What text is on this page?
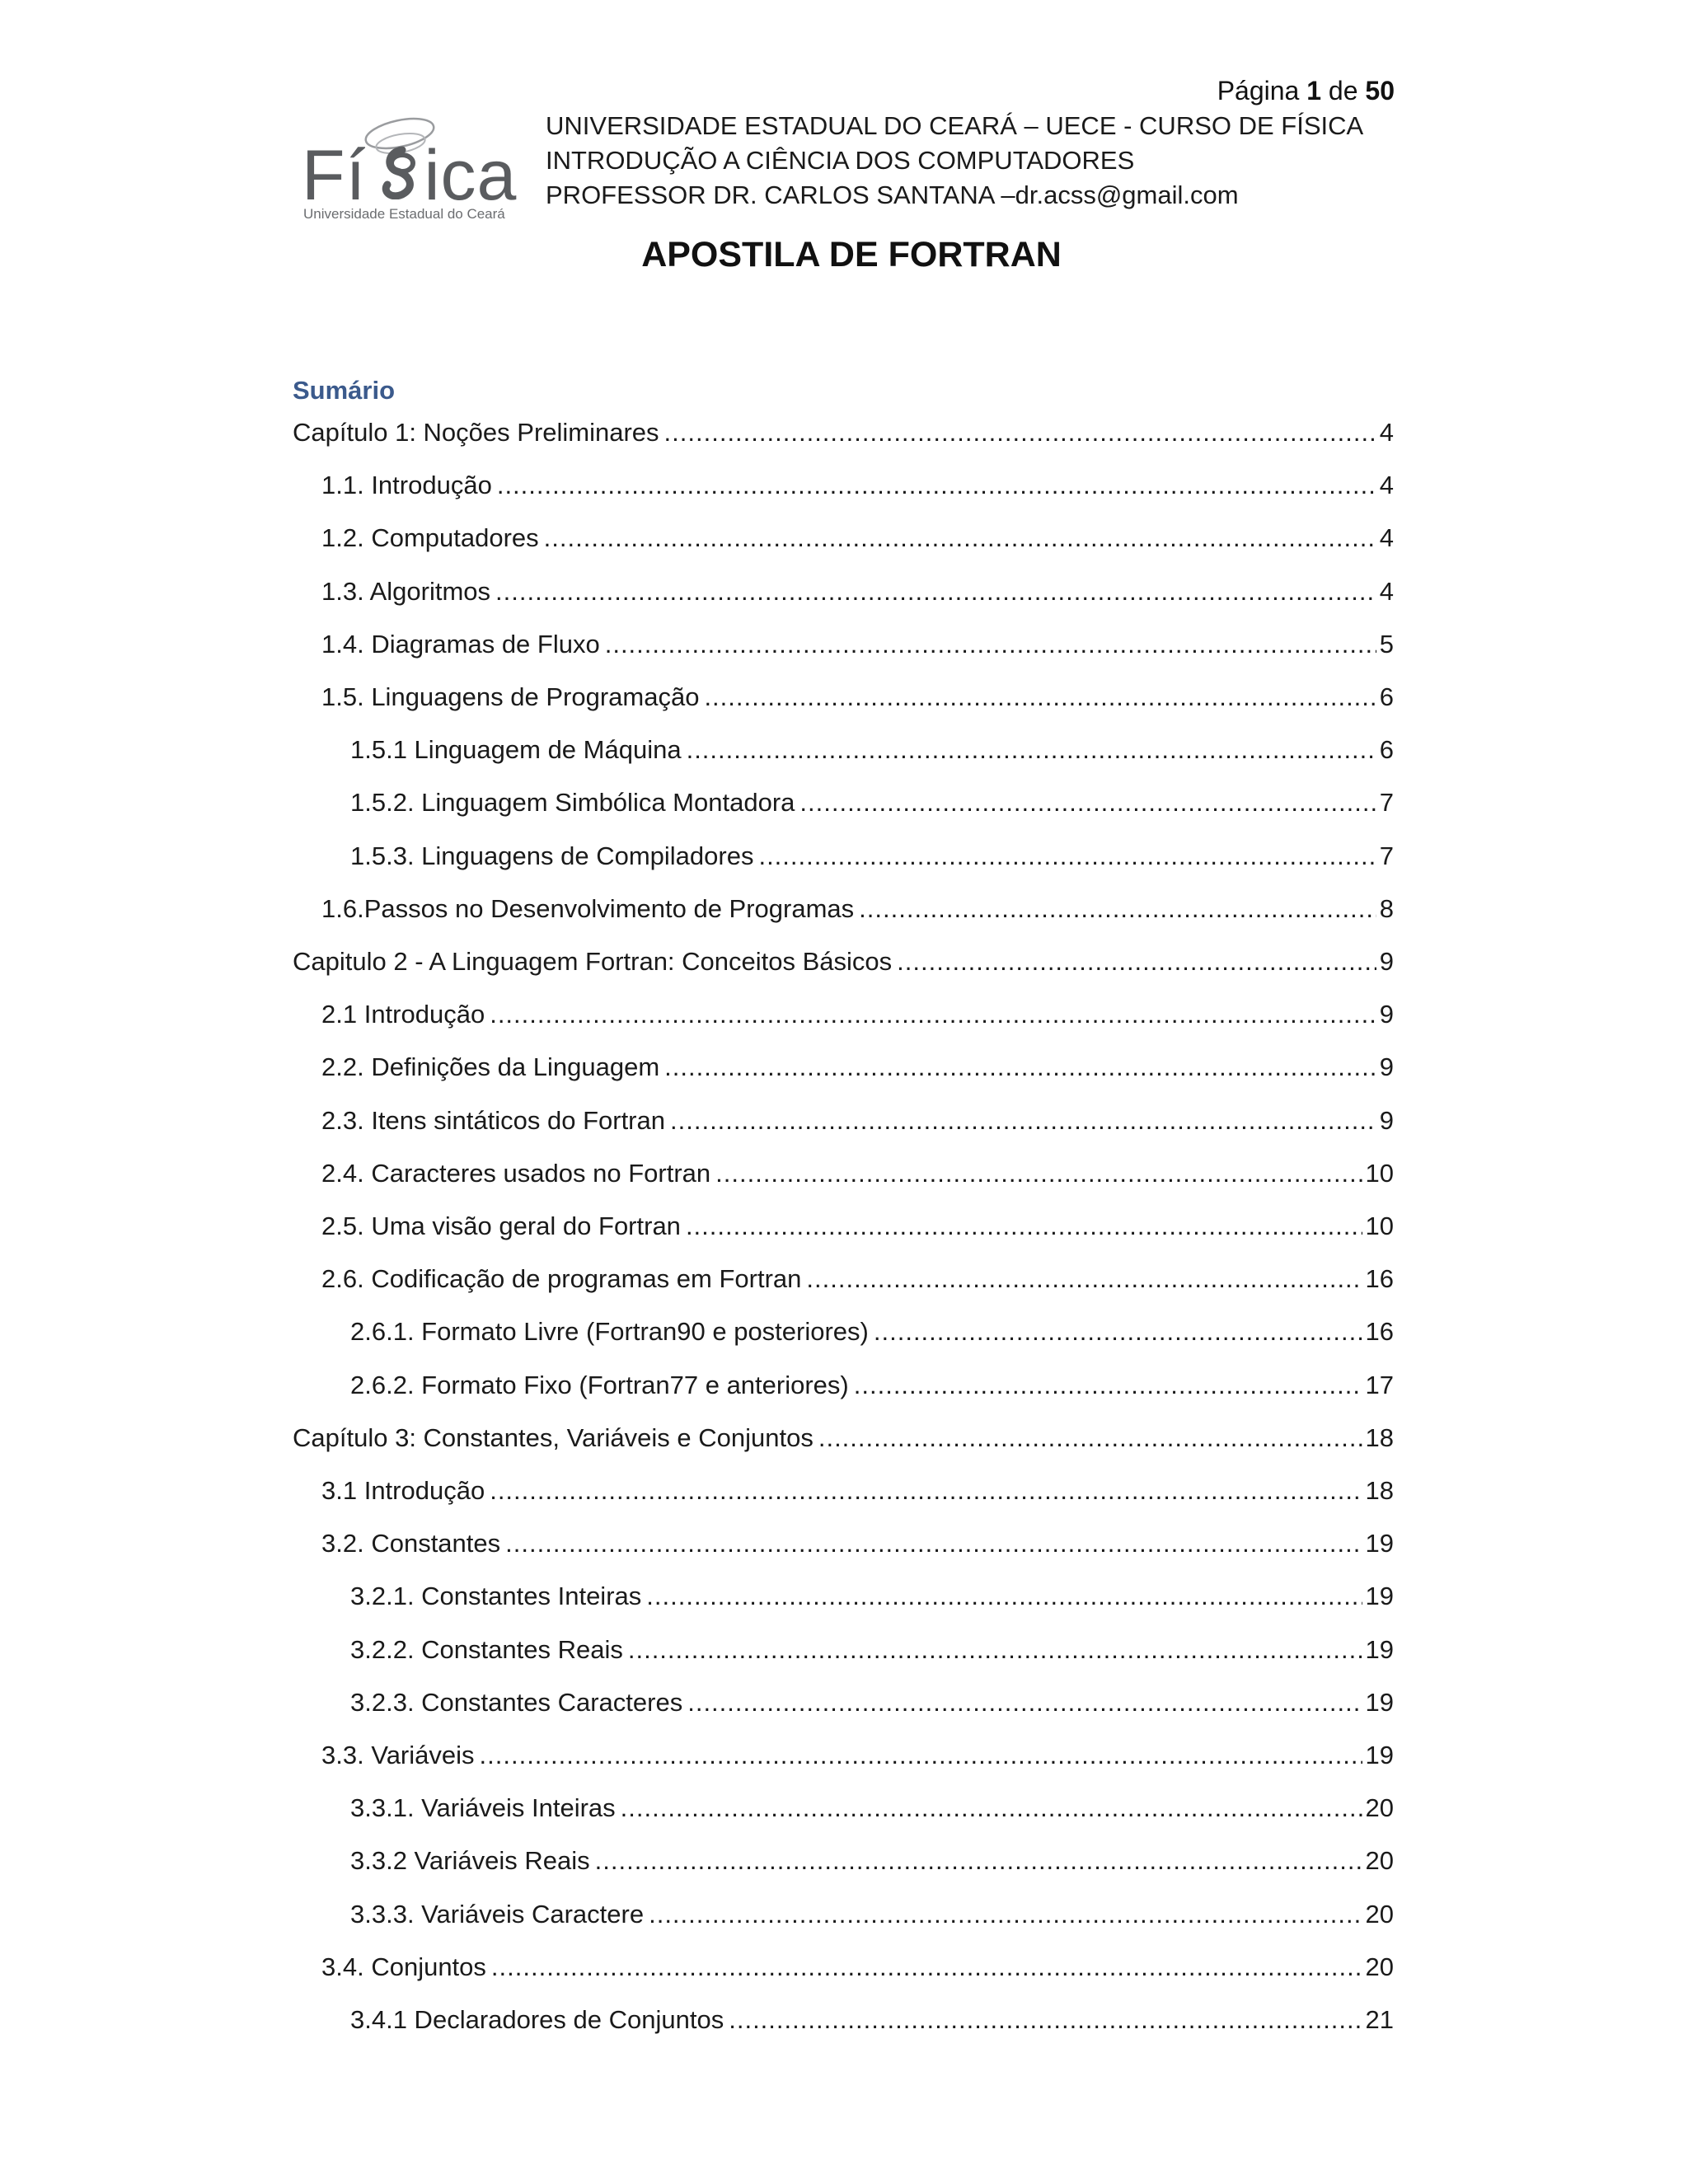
Página 1 de 50
Fí ica
Universidade Estadual do Ceará
UNIVERSIDADE ESTADUAL DO CEARÁ – UECE - CURSO DE FÍSICA
INTRODUÇÃO A CIÊNCIA DOS COMPUTADORES
PROFESSOR DR. CARLOS SANTANA –dr.acss@gmail.com
APOSTILA DE FORTRAN
Sumário
Capítulo 1: Noções Preliminares .....	4
1.1. Introdução .....	4
1.2. Computadores .....	4
1.3. Algoritmos .....	4
1.4. Diagramas de Fluxo .....	5
1.5. Linguagens de Programação .....	6
1.5.1 Linguagem de Máquina .....	6
1.5.2. Linguagem Simbólica Montadora .....	7
1.5.3. Linguagens de Compiladores .....	7
1.6.Passos no Desenvolvimento de Programas .....	8
Capitulo 2 - A Linguagem Fortran: Conceitos Básicos .....	9
2.1 Introdução .....	9
2.2. Definições da Linguagem .....	9
2.3. Itens sintáticos do Fortran .....	9
2.4. Caracteres usados no Fortran .....	10
2.5. Uma visão geral do Fortran .....	10
2.6. Codificação de programas em Fortran .....	16
2.6.1. Formato Livre (Fortran90 e posteriores) .....	16
2.6.2. Formato Fixo (Fortran77 e anteriores) .....	17
Capítulo 3: Constantes, Variáveis e Conjuntos .....	18
3.1 Introdução .....	18
3.2. Constantes .....	19
3.2.1. Constantes Inteiras .....	19
3.2.2. Constantes Reais .....	19
3.2.3. Constantes Caracteres .....	19
3.3. Variáveis .....	19
3.3.1. Variáveis Inteiras .....	20
3.3.2 Variáveis Reais .....	20
3.3.3. Variáveis Caractere .....	20
3.4. Conjuntos .....	20
3.4.1 Declaradores de Conjuntos .....	21
